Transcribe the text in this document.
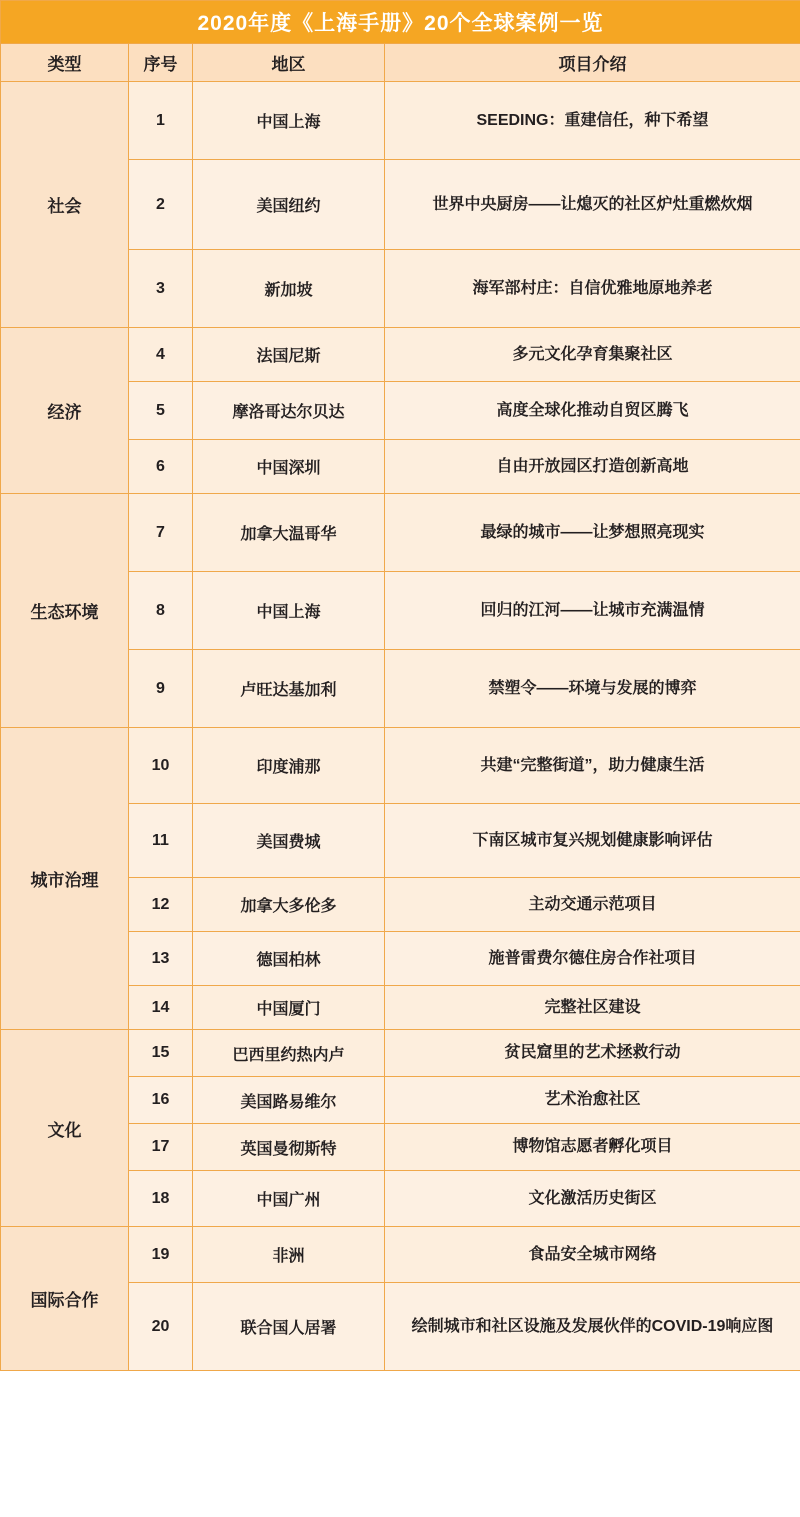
2020年度《上海手册》20个全球案例一览			
类型	序号	地区	项目介绍
社会	1	中国上海	SEEDING：重建信任，种下希望
	2	美国纽约	世界中央厨房——让熄灭的社区炉灶重燃炊烟
	3	新加坡	海军部村庄：自信优雅地原地养老
经济	4	法国尼斯	多元文化孕育集聚社区
	5	摩洛哥达尔贝达	高度全球化推动自贸区腾飞
	6	中国深圳	自由开放园区打造创新高地
生态环境	7	加拿大温哥华	最绿的城市——让梦想照亮现实
	8	中国上海	回归的江河——让城市充满温情
	9	卢旺达基加利	禁塑令——环境与发展的博弈
城市治理	10	印度浦那	共建“完整街道”，助力健康生活
	11	美国费城	下南区城市复兴规划健康影响评估
	12	加拿大多伦多	主动交通示范项目
	13	德国柏林	施普雷费尔德住房合作社项目
	14	中国厦门	完整社区建设
文化	15	巴西里约热内卢	贫民窟里的艺术拯救行动
	16	美国路易维尔	艺术治愈社区
	17	英国曼彻斯特	博物馆志愿者孵化项目
	18	中国广州	文化激活历史街区
国际合作	19	非洲	食品安全城市网络
	20	联合国人居署	绘制城市和社区设施及发展伙伴的COVID-19响应图
